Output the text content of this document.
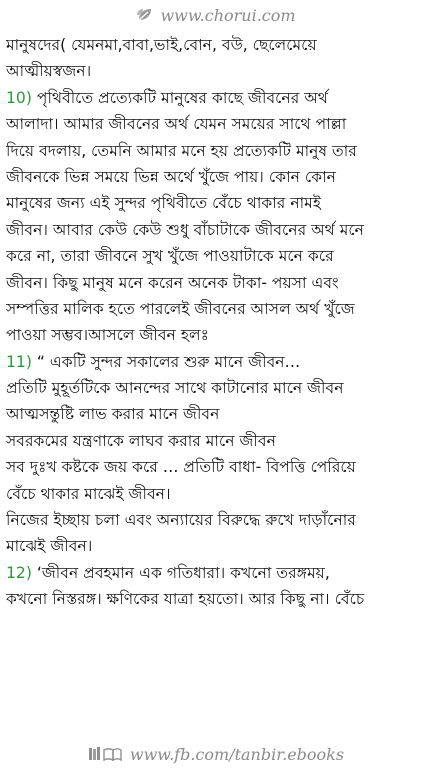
www.chorui.com
মানুষদের( যেমনমা,বাবা,ভাই,বোন, বউ, ছেলেমেয়ে
আত্মীয়স্বজন।
10) পৃথিবীতে প্রত্যেকটি মানুষের কাছে জীবনের অর্থ
আলাদা। আমার জীবনের অর্থ যেমন সময়ের সাথে পাল্লা
দিয়ে বদলায়, তেমনি আমার মনে হয় প্রত্যেকটি মানুষ তার
জীবনকে ভিন্ন সময়ে ভিন্ন অর্থে খুঁজে পায়। কোন কোন
মানুষের জন্য এই সুন্দর পৃথিবীতে বেঁচে থাকার নামই
জীবন। আবার কেউ কেউ শুধু বাঁচাটাকে জীবনের অর্থ মনে
করে না, তারা জীবনে সুখ খুঁজে পাওয়াটাকে মনে করে
জীবন। কিছু মানুষ মনে করেন অনেক টাকা- পয়সা এবং
সম্পত্তির মালিক হতে পারলেই জীবনের আসল অর্থ খুঁজে
পাওয়া সম্ভব।আসলে জীবন হলঃ
11) “ একটি সুন্দর সকালের শুরু মানে জীবন…
প্রতিটি মুহূর্তটিকে আনন্দের সাথে কাটানোর মানে জীবন
আত্মসন্তুষ্টি লাভ করার মানে জীবন
সবরকমের যন্ত্রণাকে লাঘব করার মানে জীবন
সব দুঃখ কষ্টকে জয় করে … প্রতিটি বাধা- বিপত্তি পেরিয়ে
বেঁচে থাকার মাঝেই জীবন।
নিজের ইচ্ছায় চলা এবং অন্যায়ের বিরুদ্ধে রুখে দাড়াঁনোর
মাঝেই জীবন।
12) ‘জীবন প্রবহমান এক গতিধারা। কখনো তরঙ্গময়,
কখনো নিস্তরঙ্গ। ক্ষণিকের যাত্রা হয়তো। আর কিছু না। বেঁচে
www.fb.com/tanbir.ebooks
